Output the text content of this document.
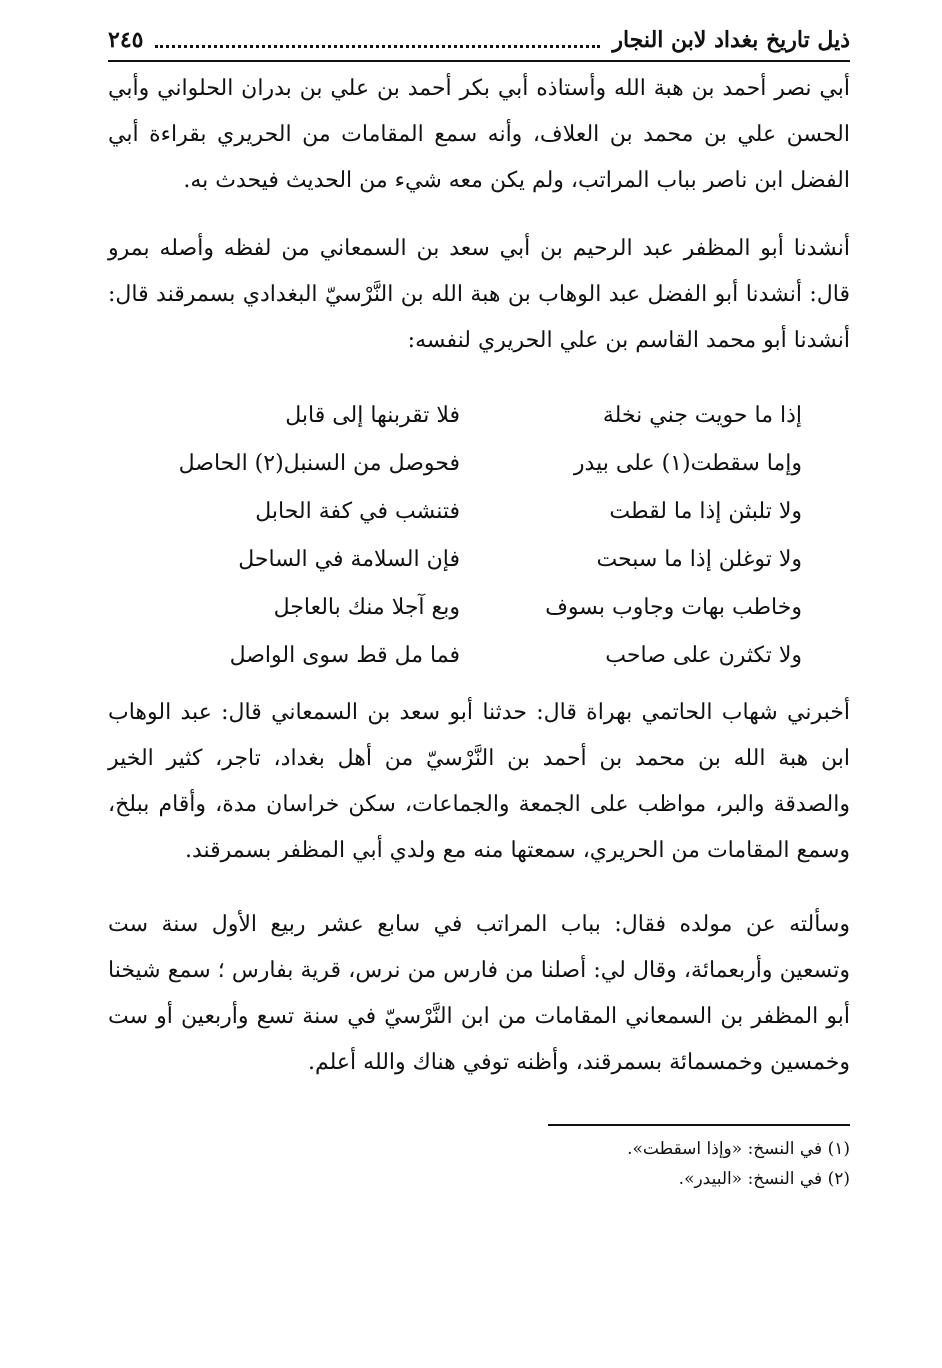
ذيل تاريخ بغداد لابن النجار
٢٤٥
أبي نصر أحمد بن هبة الله وأستاذه أبي بكر أحمد بن علي بن بدران الحلواني وأبي الحسن علي بن محمد بن العلاف، وأنه سمع المقامات من الحريري بقراءة أبي الفضل ابن ناصر بباب المراتب، ولم يكن معه شيء من الحديث فيحدث به.
أنشدنا أبو المظفر عبد الرحيم بن أبي سعد بن السمعاني من لفظه وأصله بمرو قال: أنشدنا أبو الفضل عبد الوهاب بن هبة الله بن النَّرْسيّ البغدادي بسمرقند قال: أنشدنا أبو محمد القاسم بن علي الحريري لنفسه:
إذا ما حويت جني نخلة
فلا تقربنها إلى قابل
وإما سقطت(١) على بيدر
فحوصل من السنبل(٢) الحاصل
ولا تلبثن إذا ما لقطت
فتنشب في كفة الحابل
ولا توغلن إذا ما سبحت
فإن السلامة في الساحل
وخاطب بهات وجاوب بسوف
وبع آجلا منك بالعاجل
ولا تكثرن على صاحب
فما مل قط سوى الواصل
أخبرني شهاب الحاتمي بهراة قال: حدثنا أبو سعد بن السمعاني قال: عبد الوهاب ابن هبة الله بن محمد بن أحمد بن النَّرْسيّ من أهل بغداد، تاجر، كثير الخير والصدقة والبر، مواظب على الجمعة والجماعات، سكن خراسان مدة، وأقام ببلخ، وسمع المقامات من الحريري، سمعتها منه مع ولدي أبي المظفر بسمرقند.
وسألته عن مولده فقال: بباب المراتب في سابع عشر ربيع الأول سنة ست وتسعين وأربعمائة، وقال لي: أصلنا من فارس من نرس، قرية بفارس ؛ سمع شيخنا أبو المظفر بن السمعاني المقامات من ابن النَّرْسيّ في سنة تسع وأربعين أو ست وخمسين وخمسمائة بسمرقند، وأظنه توفي هناك والله أعلم.
(١) في النسخ: «وإذا اسقطت».
(٢) في النسخ: «البيدر».
